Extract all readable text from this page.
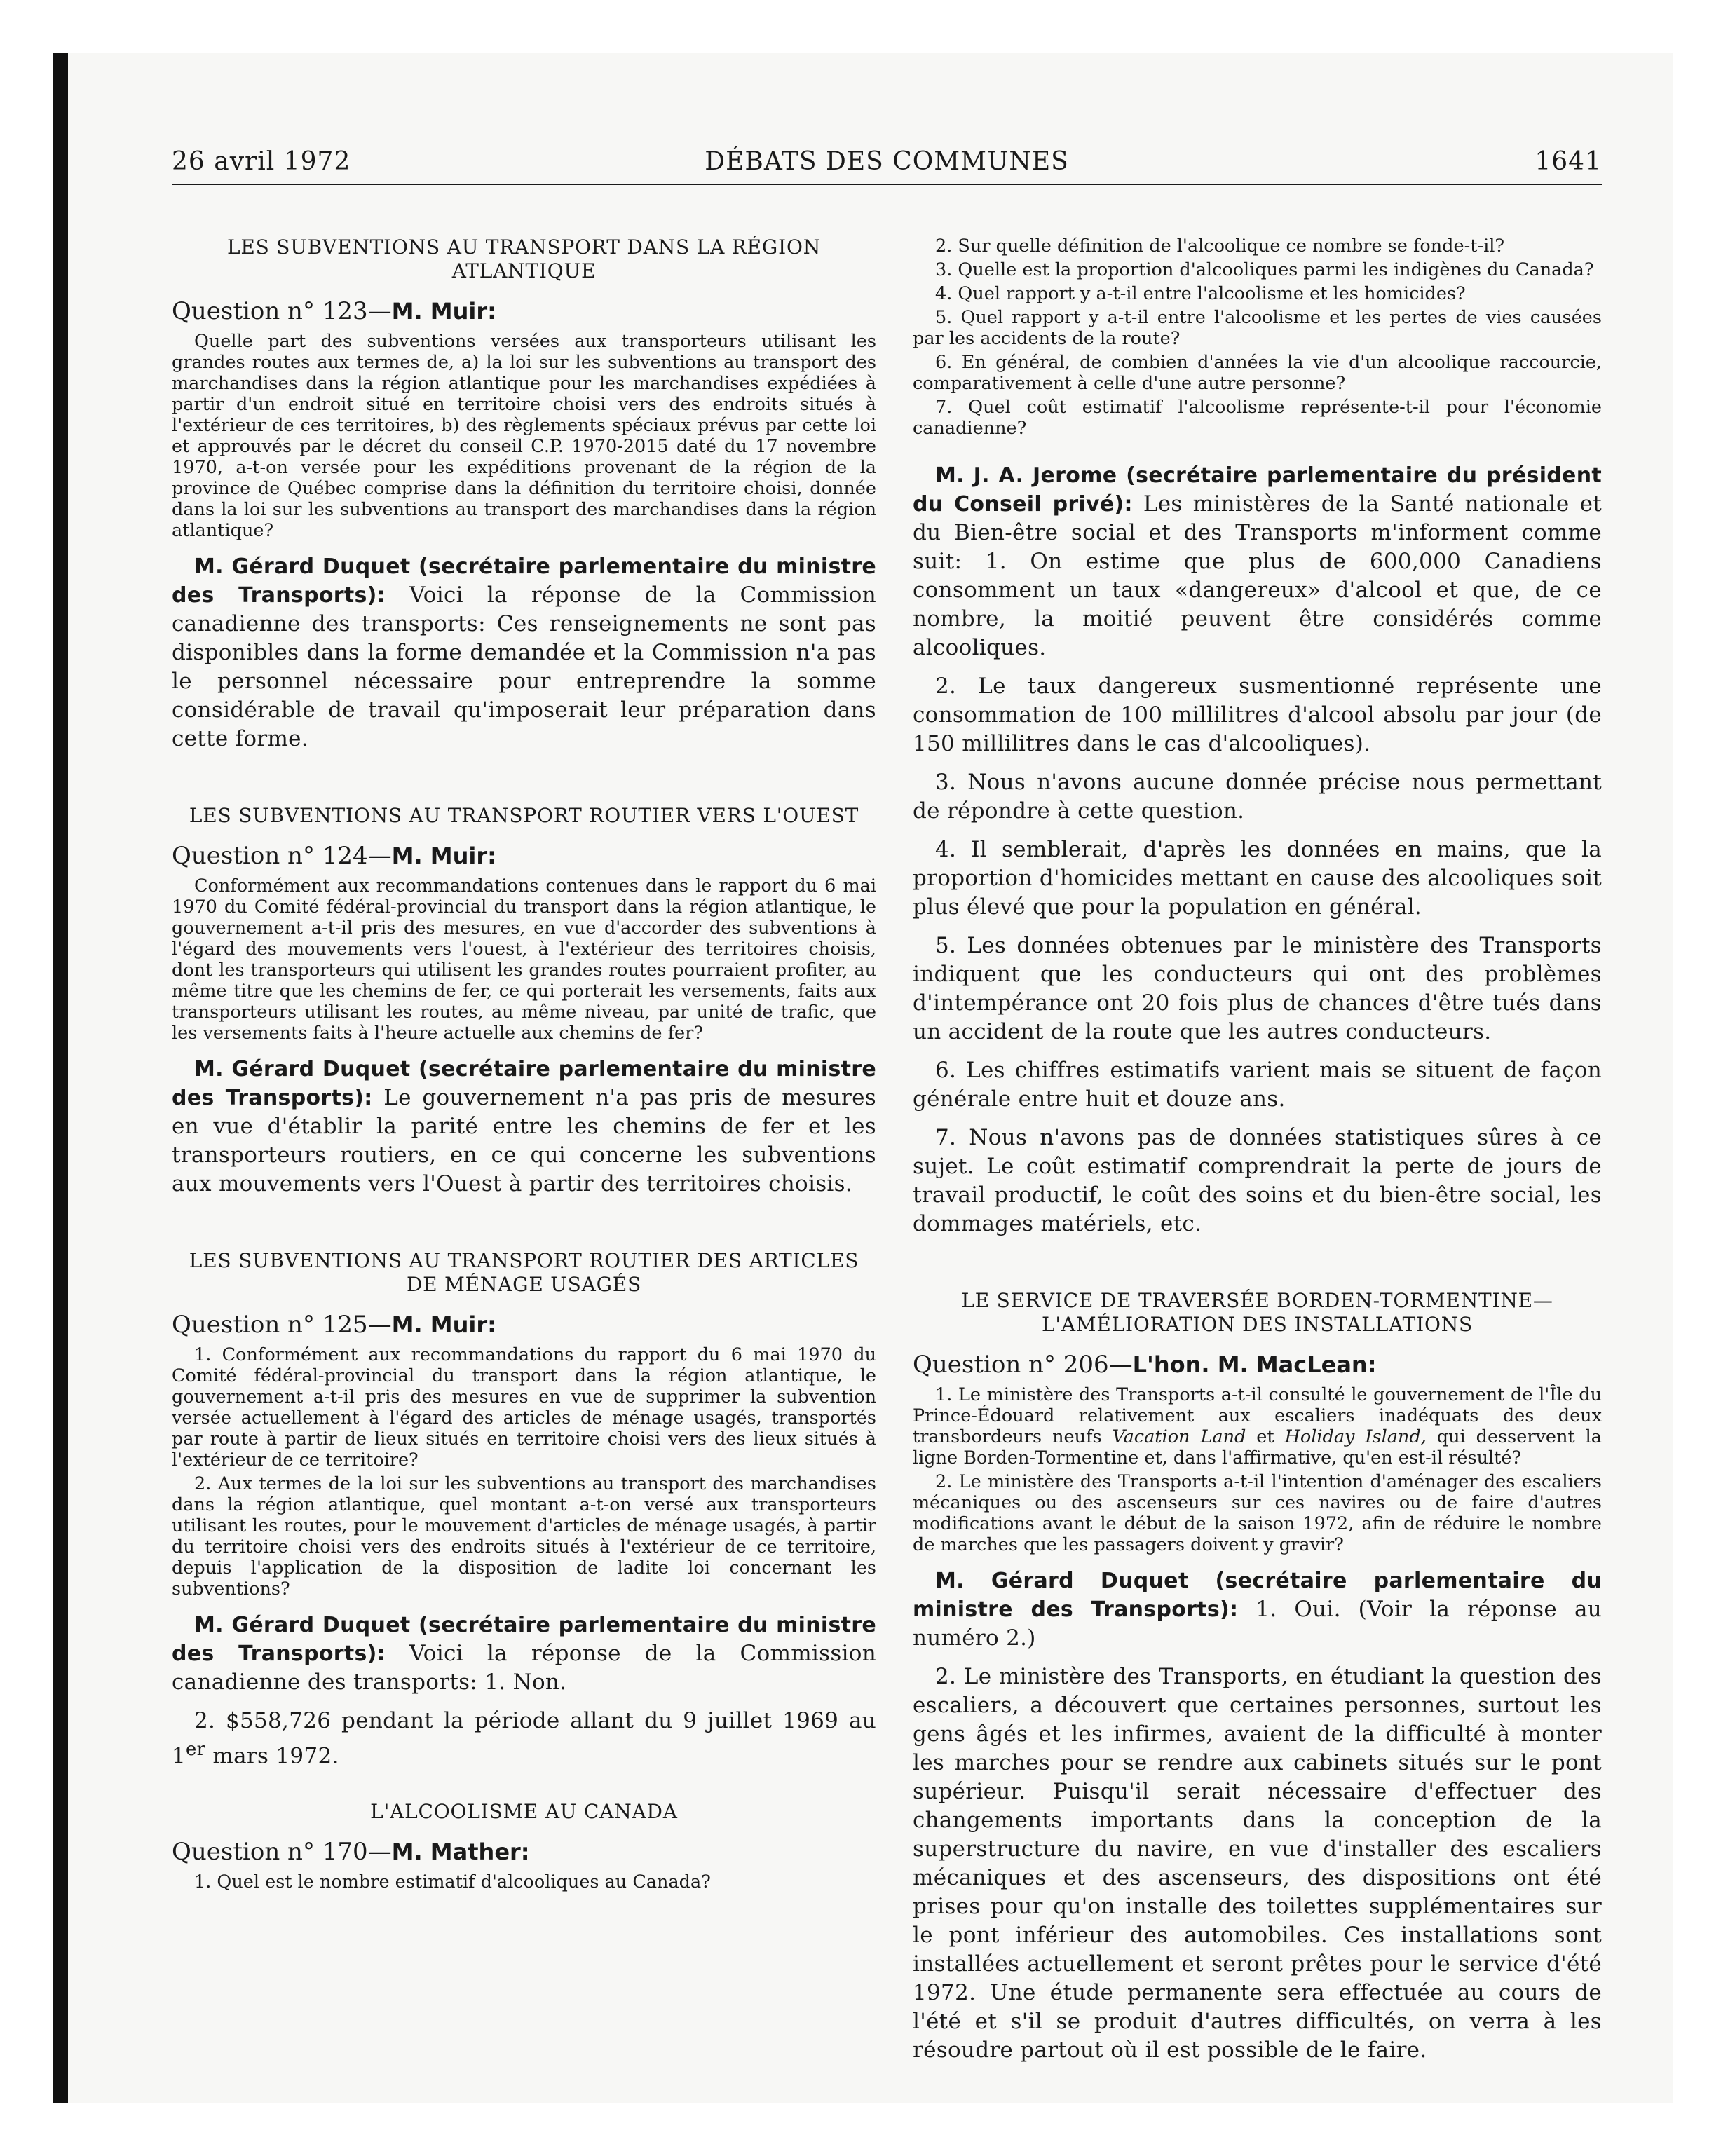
DÉBATS DES COMMUNES
26 avril 1972	1641
LES SUBVENTIONS AU TRANSPORT DANS LA RÉGION ATLANTIQUE
Question n° 123—M. Muir:

Quelle part des subventions versées aux transporteurs utilisant les grandes routes aux termes de, a) la loi sur les subventions au transport des marchandises dans la région atlantique pour les marchandises expédiées à partir d'un endroit situé en territoire choisi vers des endroits situés à l'extérieur de ces territoires, b) des règlements spéciaux prévus par cette loi et approuvés par le décret du conseil C.P. 1970-2015 daté du 17 novembre 1970, a-t-on versée pour les expéditions provenant de la région de la province de Québec comprise dans la définition du territoire choisi, donnée dans la loi sur les subventions au transport des marchandises dans la région atlantique?

M. Gérard Duquet (secrétaire parlementaire du ministre des Transports): Voici la réponse de la Commission canadienne des transports: Ces renseignements ne sont pas disponibles dans la forme demandée et la Commission n'a pas le personnel nécessaire pour entreprendre la somme considérable de travail qu'imposerait leur préparation dans cette forme.

LES SUBVENTIONS AU TRANSPORT ROUTIER VERS L'OUEST
Question n° 124—M. Muir:

Conformément aux recommandations contenues dans le rapport du 6 mai 1970 du Comité fédéral-provincial du transport dans la région atlantique, le gouvernement a-t-il pris des mesures, en vue d'accorder des subventions à l'égard des mouvements vers l'ouest, à l'extérieur des territoires choisis, dont les transporteurs qui utilisent les grandes routes pourraient profiter, au même titre que les chemins de fer, ce qui porterait les versements, faits aux transporteurs utilisant les routes, au même niveau, par unité de trafic, que les versements faits à l'heure actuelle aux chemins de fer?

M. Gérard Duquet (secrétaire parlementaire du ministre des Transports): Le gouvernement n'a pas pris de mesures en vue d'établir la parité entre les chemins de fer et les transporteurs routiers, en ce qui concerne les subventions aux mouvements vers l'Ouest à partir des territoires choisis.

LES SUBVENTIONS AU TRANSPORT ROUTIER DES ARTICLES DE MÉNAGE USAGÉS
Question n° 125—M. Muir:

1. Conformément aux recommandations du rapport du 6 mai 1970 du Comité fédéral-provincial du transport dans la région atlantique, le gouvernement a-t-il pris des mesures en vue de supprimer la subvention versée actuellement à l'égard des articles de ménage usagés, transportés par route à partir de lieux situés en territoire choisi vers des lieux situés à l'extérieur de ce territoire?

2. Aux termes de la loi sur les subventions au transport des marchandises dans la région atlantique, quel montant a-t-on versé aux transporteurs utilisant les routes, pour le mouvement d'articles de ménage usagés, à partir du territoire choisi vers des endroits situés à l'extérieur de ce territoire, depuis l'application de la disposition de ladite loi concernant les subventions?

M. Gérard Duquet (secrétaire parlementaire du ministre des Transports): Voici la réponse de la Commission canadienne des transports: 1. Non.

2. $558,726 pendant la période allant du 9 juillet 1969 au 1er mars 1972.

L'ALCOOLISME AU CANADA
Question n° 170—M. Mather:

1. Quel est le nombre estimatif d'alcooliques au Canada?

2. Sur quelle définition de l'alcoolique ce nombre se fonde-t-il?

3. Quelle est la proportion d'alcooliques parmi les indigènes du Canada?

4. Quel rapport y a-t-il entre l'alcoolisme et les homicides?

5. Quel rapport y a-t-il entre l'alcoolisme et les pertes de vies causées par les accidents de la route?

6. En général, de combien d'années la vie d'un alcoolique raccourcie, comparativement à celle d'une autre personne?

7. Quel coût estimatif l'alcoolisme représente-t-il pour l'économie canadienne?

M. J. A. Jerome (secrétaire parlementaire du président du Conseil privé): Les ministères de la Santé nationale et du Bien-être social et des Transports m'informent comme suit: 1. On estime que plus de 600,000 Canadiens consomment un taux «dangereux» d'alcool et que, de ce nombre, la moitié peuvent être considérés comme alcooliques.

2. Le taux dangereux susmentionné représente une consommation de 100 millilitres d'alcool absolu par jour (de 150 millilitres dans le cas d'alcooliques).

3. Nous n'avons aucune donnée précise nous permettant de répondre à cette question.

4. Il semblerait, d'après les données en mains, que la proportion d'homicides mettant en cause des alcooliques soit plus élevé que pour la population en général.

5. Les données obtenues par le ministère des Transports indiquent que les conducteurs qui ont des problèmes d'intempérance ont 20 fois plus de chances d'être tués dans un accident de la route que les autres conducteurs.

6. Les chiffres estimatifs varient mais se situent de façon générale entre huit et douze ans.

7. Nous n'avons pas de données statistiques sûres à ce sujet. Le coût estimatif comprendrait la perte de jours de travail productif, le coût des soins et du bien-être social, les dommages matériels, etc.

LE SERVICE DE TRAVERSÉE BORDEN-TORMENTINE— L'AMÉLIORATION DES INSTALLATIONS
Question n° 206—L'hon. M. MacLean:

1. Le ministère des Transports a-t-il consulté le gouvernement de l'Île du Prince-Édouard relativement aux escaliers inadéquats des deux transbordeurs neufs Vacation Land et Holiday Island, qui desservent la ligne Borden-Tormentine et, dans l'affirmative, qu'en est-il résulté?

2. Le ministère des Transports a-t-il l'intention d'aménager des escaliers mécaniques ou des ascenseurs sur ces navires ou de faire d'autres modifications avant le début de la saison 1972, afin de réduire le nombre de marches que les passagers doivent y gravir?

M. Gérard Duquet (secrétaire parlementaire du ministre des Transports): 1. Oui. (Voir la réponse au numéro 2.)

2. Le ministère des Transports, en étudiant la question des escaliers, a découvert que certaines personnes, surtout les gens âgés et les infirmes, avaient de la difficulté à monter les marches pour se rendre aux cabinets situés sur le pont supérieur. Puisqu'il serait nécessaire d'effectuer des changements importants dans la conception de la superstructure du navire, en vue d'installer des escaliers mécaniques et des ascenseurs, des dispositions ont été prises pour qu'on installe des toilettes supplémentaires sur le pont inférieur des automobiles. Ces installations sont installées actuellement et seront prêtes pour le service d'été 1972. Une étude permanente sera effectuée au cours de l'été et s'il se produit d'autres difficultés, on verra à les résoudre partout où il est possible de le faire.
